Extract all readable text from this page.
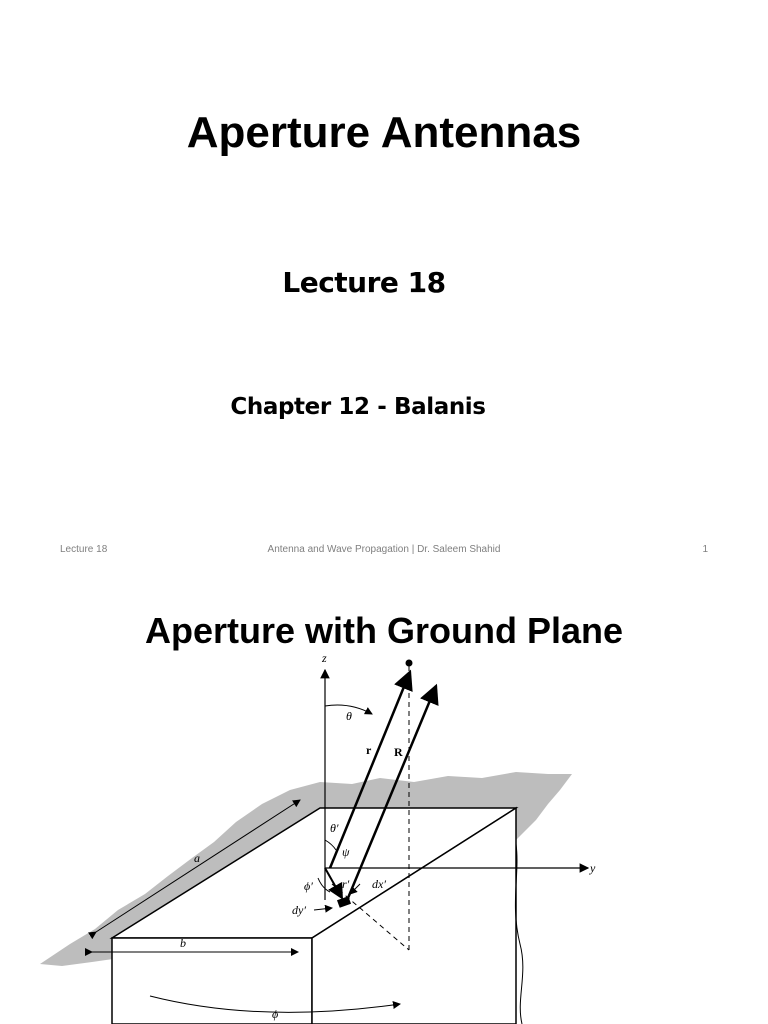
Aperture Antennas
Lecture 18
Chapter 12 - Balanis
Lecture 18	Antenna and Wave Propagation | Dr. Saleem Shahid	1
Aperture with Ground Plane
z
y
θ
r R
θ′
ψ
r′
ϕ′	dx′
dy′
a
b
ϕ
